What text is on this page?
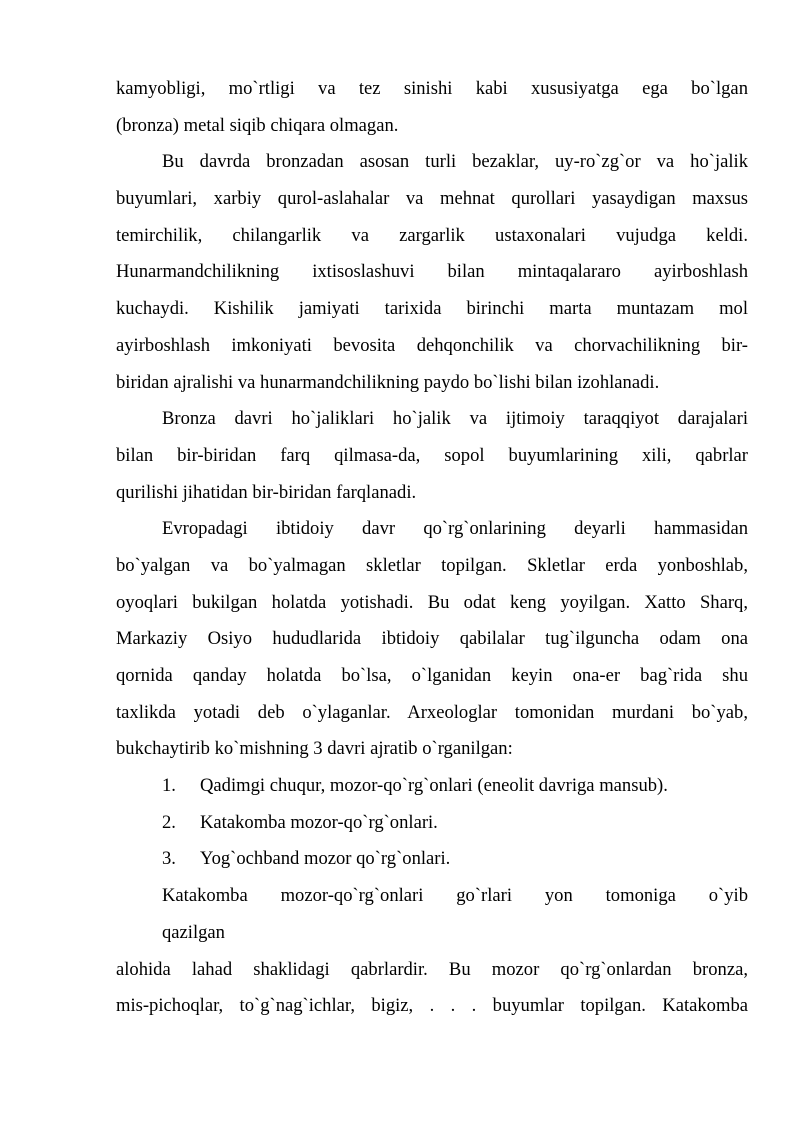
kamyobligi, mo`rtligi va tez sinishi kabi xususiyatga ega bo`lgan
(bronza) metal siqib chiqara olmagan.
Bu davrda bronzadan asosan turli bezaklar, uy-ro`zg`or va ho`jalik
buyumlari, xarbiy qurol-aslahalar va mehnat qurollari yasaydigan maxsus
temirchilik, chilangarlik va zargarlik ustaxonalari vujudga keldi.
Hunarmandchilikning ixtisoslashuvi bilan mintaqalararo ayirboshlash
kuchaydi. Kishilik jamiyati tarixida birinchi marta muntazam mol
ayirboshlash imkoniyati bevosita dehqonchilik va chorvachilikning bir-
biridan ajralishi va hunarmandchilikning paydo bo`lishi bilan izohlanadi.
Bronza davri ho`jaliklari ho`jalik va ijtimoiy taraqqiyot darajalari
bilan bir-biridan farq qilmasa-da, sopol buyumlarining xili, qabrlar
qurilishi jihatidan bir-biridan farqlanadi.
Evropadagi ibtidoiy davr qo`rg`onlarining deyarli hammasidan
bo`yalgan va bo`yalmagan skletlar topilgan. Skletlar erda yonboshlab,
oyoqlari bukilgan holatda yotishadi. Bu odat keng yoyilgan. Xatto Sharq,
Markaziy Osiyo hududlarida ibtidoiy qabilalar tug`ilguncha odam ona
qornida qanday holatda bo`lsa, o`lganidan keyin ona-er bag`rida shu
taxlikda yotadi deb o`ylaganlar. Arxeologlar tomonidan murdani bo`yab,
bukchaytirib ko`mishning 3 davri ajratib o`rganilgan:
1. Qadimgi chuqur, mozor-qo`rg`onlari (eneolit davriga mansub).
2. Katakomba mozor-qo`rg`onlari.
3. Yog`ochband mozor qo`rg`onlari.
Katakomba mozor-qo`rg`onlari go`rlari yon tomoniga o`yib
qazilgan
alohida lahad shaklidagi qabrlardir. Bu mozor qo`rg`onlardan bronza,
mis-pichoqlar, to`g`nag`ichlar, bigiz, . . . buyumlar topilgan. Katakomba
